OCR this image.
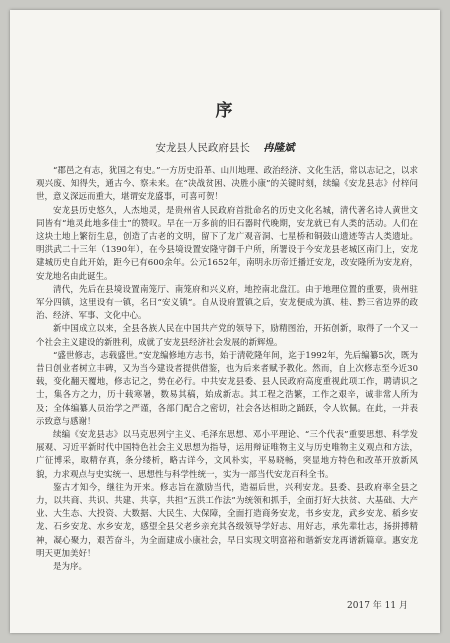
序
安龙县人民政府县长 冉隆斌

“郡邑之有志，犹国之有史。”一方历史沿革、山川地理、政治经济、文化生活，常以志记之，以求观兴废、知得失，通古今、察未来。在“决战贫困、决胜小康”的关键时刻，续编《安龙县志》付梓问世，意义深远而重大，堪谓安龙盛事，可喜可贺！

安龙县历史悠久，人杰地灵，是贵州省人民政府首批命名的历史文化名城，清代著名诗人黄世文同皆有“地灵此地多佳士”的赞叹。早在一万多前的旧石器时代晚期，安龙就已有人类的活动。人们在这块土地上繁衍生息，创造了古老的文明，留下了龙广观音洞、七星桥和铜鼓山遗迹等古人类遗址。明洪武二十三年（1390年），在今县境设置安隆守御千户所，所署设于今安龙县老城区南门上，安龙建城历史自此开始，距今已有600余年。公元1652年，南明永历帝迁播迁安龙，改安隆所为安龙府，安龙地名由此诞生。

清代，先后在县境设置南笼厅、南笼府和兴义府，地控南北盘江。由于地理位置的重要，贵州驻军分四镇，这里设有一镇，名曰“安义镇”。自从设府置镇之后，安龙便成为滇、桂、黔三省边界的政治、经济、军事、文化中心。

新中国成立以来，全县各族人民在中国共产党的领导下，励精图治，开拓创新，取得了一个又一个社会主义建设的新胜利，成就了安龙县经济社会发展的新辉煌。

“盛世修志，志载盛世。”安龙编修地方志书，始于清乾隆年间，迄于1992年，先后编纂5次，既为昔日创业者树立丰碑，又为当今建设者提供借鉴，也为后来者赋予教化。然而，自上次修志至今近30载，变化翻天覆地，修志记之，势在必行。中共安龙县委、县人民政府高度重视此项工作，聘请识之士，集各方之力，历十载寒暑，数易其稿，始成新志。其工程之浩繁，工作之艰辛，诚非常人所为及；全体编纂人员治学之严谨，各部门配合之密切，社会各达相助之踊跃，令人钦佩。在此，一并表示致意与感谢！

续编《安龙县志》以马克思列宁主义、毛泽东思想、邓小平理论、“三个代表”重要思想、科学发展观、习近平新时代中国特色社会主义思想为指导，运用辩证唯物主义与历史唯物主义观点和方法，广征博采，取精存真，条分缕析，略古详今，文风朴实，平易晓畅，突显地方特色和改革开放新风貌，力求观点与史实统一、思想性与科学性统一，实为一部当代安龙百科全书。

鉴古才知今，继往为开来。修志旨在激励当代，造福后世，兴利安龙。县委、县政府率全县之力，以共商、共识、共建、共享，共担“五洪工作法”为统领和抓手，全面打好大扶贫、大基础、大产业、大生态、大投资、大数据、大民生、大保障，全面打造商务安龙，书乡安龙，武乡安龙、稻乡安龙、石乡安龙、水乡安龙，感望全县父老乡亲充其各级领导学好志、用好志，承先辈壮志，扬拼搏精神，凝心聚力，艰苦奋斗，为全面建成小康社会，早日实现文明富裕和谐新安龙再谱新篇章。惠安龙明天更加美好！

是为序。

2017 年 11 月
